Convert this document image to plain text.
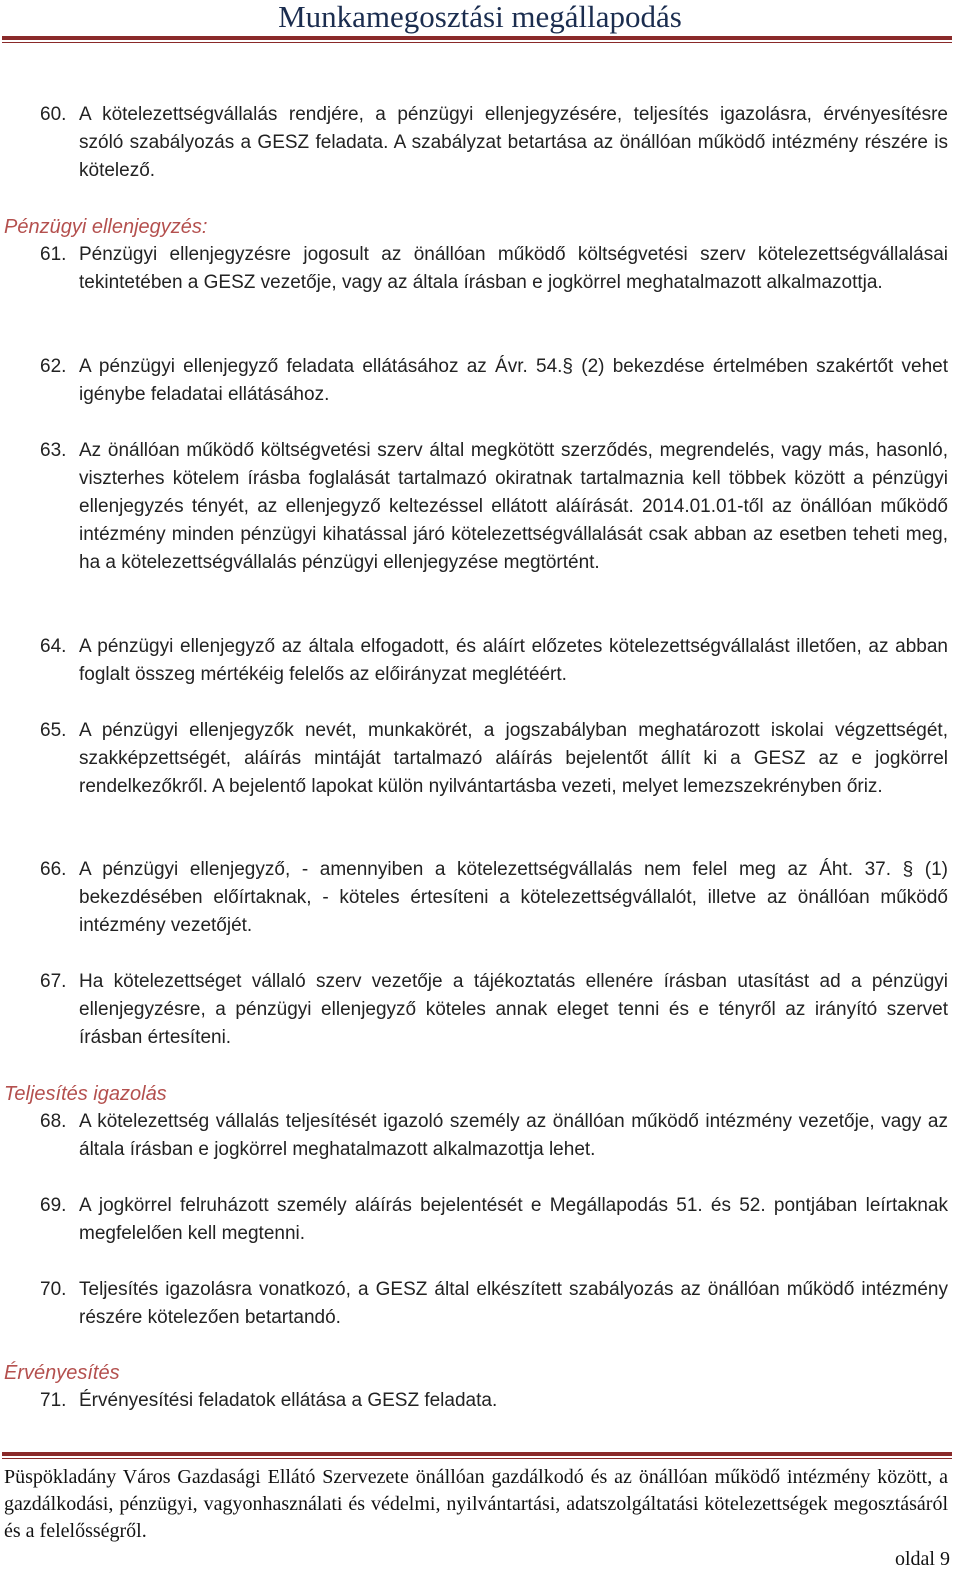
Munkamegosztási megállapodás
60. A kötelezettségvállalás rendjére, a pénzügyi ellenjegyzésére, teljesítés igazolásra, érvényesítésre szóló szabályozás a GESZ feladata. A szabályzat betartása az önállóan működő intézmény részére is kötelező.
Pénzügyi ellenjegyzés:
61. Pénzügyi ellenjegyzésre jogosult az önállóan működő költségvetési szerv kötelezettségvállalásai tekintetében a GESZ vezetője, vagy az általa írásban e jogkörrel meghatalmazott alkalmazottja.
62. A pénzügyi ellenjegyző feladata ellátásához az Ávr. 54.§ (2) bekezdése értelmében szakértőt vehet igénybe feladatai ellátásához.
63. Az önállóan működő költségvetési szerv által megkötött szerződés, megrendelés, vagy más, hasonló, viszterhes kötelem írásba foglalását tartalmazó okiratnak tartalmaznia kell többek között a pénzügyi ellenjegyzés tényét, az ellenjegyző keltezéssel ellátott aláírását. 2014.01.01-től az önállóan működő intézmény minden pénzügyi kihatással járó kötelezettségvállalását csak abban az esetben teheti meg, ha a kötelezettségvállalás pénzügyi ellenjegyzése megtörtént.
64. A pénzügyi ellenjegyző az általa elfogadott, és aláírt előzetes kötelezettségvállalást illetően, az abban foglalt összeg mértékéig felelős az előirányzat meglétéért.
65. A pénzügyi ellenjegyzők nevét, munkakörét, a jogszabályban meghatározott iskolai végzettségét, szakképzettségét, aláírás mintáját tartalmazó aláírás bejelentőt állít ki a GESZ az e jogkörrel rendelkezőkről. A bejelentő lapokat külön nyilvántartásba vezeti, melyet lemezszekrényben őriz.
66. A pénzügyi ellenjegyző, - amennyiben a kötelezettségvállalás nem felel meg az Áht. 37. § (1) bekezdésében előírtaknak, - köteles értesíteni a kötelezettségvállalót, illetve az önállóan működő intézmény vezetőjét.
67. Ha kötelezettséget vállaló szerv vezetője a tájékoztatás ellenére írásban utasítást ad a pénzügyi ellenjegyzésre, a pénzügyi ellenjegyző köteles annak eleget tenni és e tényről az irányító szervet írásban értesíteni.
Teljesítés igazolás
68. A kötelezettség vállalás teljesítését igazoló személy az önállóan működő intézmény vezetője, vagy az általa írásban e jogkörrel meghatalmazott alkalmazottja lehet.
69. A jogkörrel felruházott személy aláírás bejelentését e Megállapodás 51. és 52. pontjában leírtaknak megfelelően kell megtenni.
70. Teljesítés igazolásra vonatkozó, a GESZ által elkészített szabályozás az önállóan működő intézmény részére kötelezően betartandó.
Érvényesítés
71. Érvényesítési feladatok ellátása a GESZ feladata.
Püspökladány Város Gazdasági Ellátó Szervezete önállóan gazdálkodó és az önállóan működő intézmény között, a gazdálkodási, pénzügyi, vagyonhasználati és védelmi, nyilvántartási, adatszolgáltatási kötelezettségek megosztásáról és a felelősségről.
oldal 9
